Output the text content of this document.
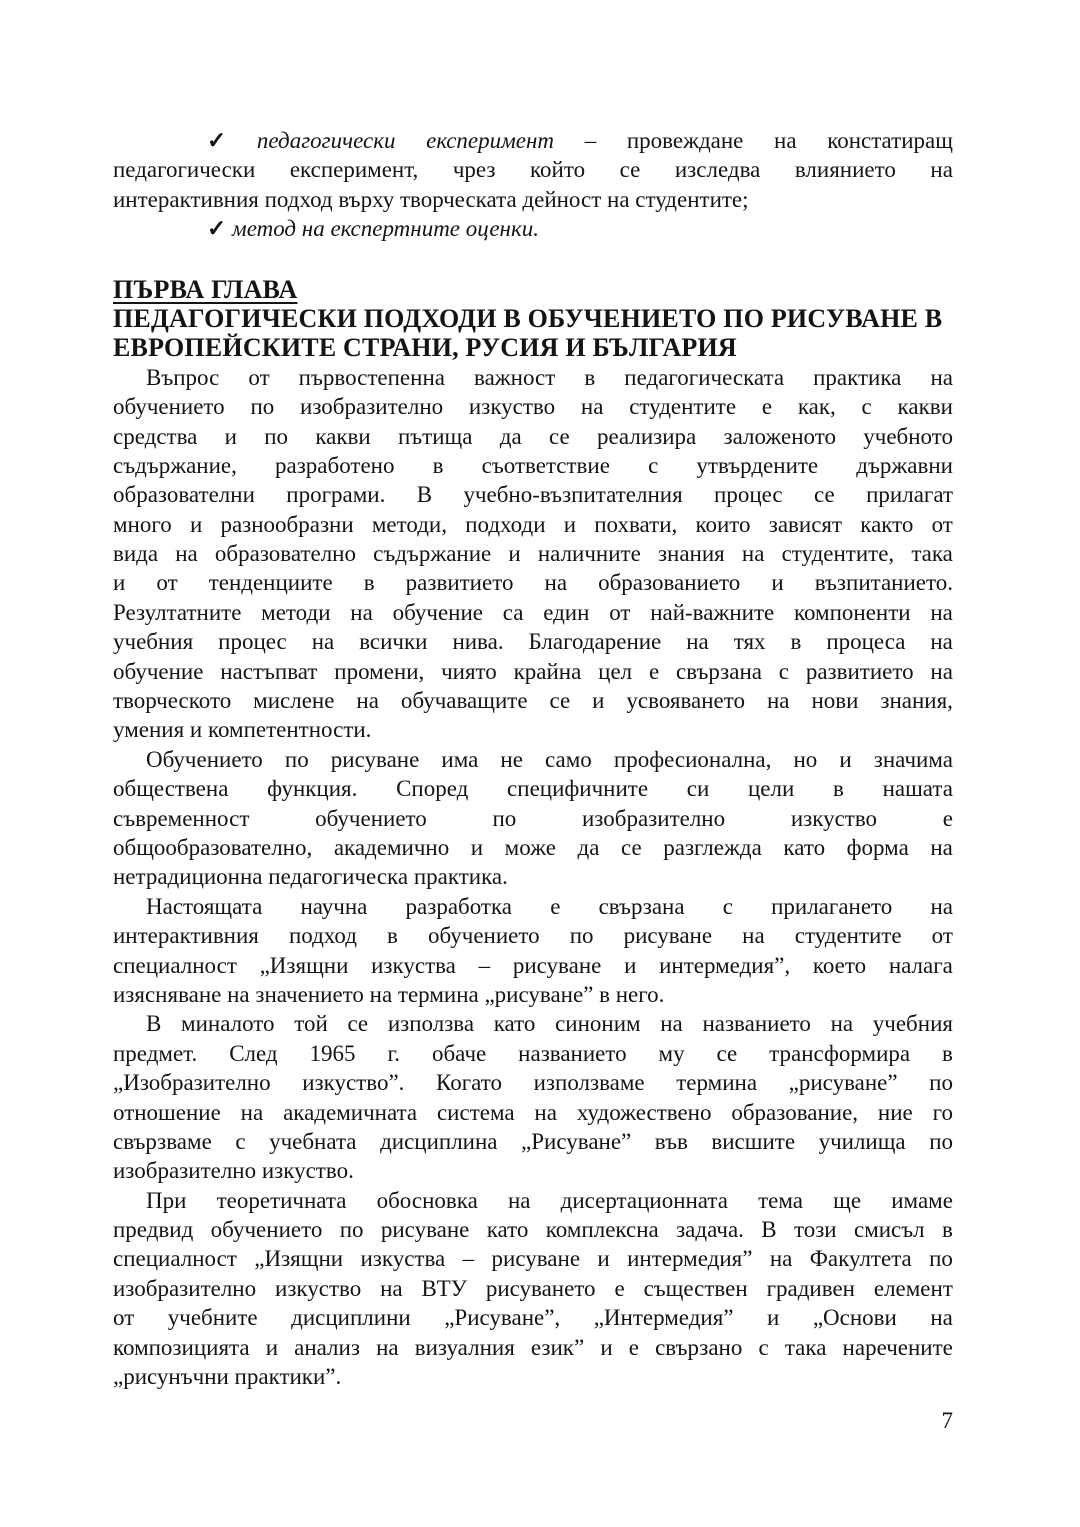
✓ педагогически експеримент – провеждане на констатиращ
педагогически експеримент, чрез който се изследва влиянието на
интерактивния подход върху творческата дейност на студентите;
✓ метод на експертните оценки.
ПЪРВА ГЛАВА
ПЕДАГОГИЧЕСКИ ПОДХОДИ В ОБУЧЕНИЕТО ПО РИСУВАНЕ В
ЕВРОПЕЙСКИТЕ СТРАНИ, РУСИЯ И БЪЛГАРИЯ
Въпрос от първостепенна важност в педагогическата практика на
обучението по изобразително изкуство на студентите е как, с какви
средства и по какви пътища да се реализира заложеното учебното
съдържание, разработено в съответствие с утвърдените държавни
образователни програми. В учебно-възпитателния процес се прилагат
много и разнообразни методи, подходи и похвати, които зависят както от
вида на образователно съдържание и наличните знания на студентите, така
и от тенденциите в развитието на образованието и възпитанието.
Резултатните методи на обучение са един от най-важните компоненти на
учебния процес на всички нива. Благодарение на тях в процеса на
обучение настъпват промени, чиято крайна цел е свързана с развитието на
творческото мислене на обучаващите се и усвояването на нови знания,
умения и компетентности.
Обучението по рисуване има не само професионална, но и значима
обществена функция. Според специфичните си цели в нашата
съвременност	обучението	по	изобразително	изкуство	е
общообразователно, академично и може да се разглежда като форма на
нетрадиционна педагогическа практика.
Настоящата научна разработка е свързана с прилагането на
интерактивния подход в обучението по рисуване на студентите от
специалност „Изящни изкуства – рисуване и интермедия”, което налага
изясняване на значението на термина „рисуване” в него.
В миналото той се използва като синоним на названието на учебния
предмет. След 1965 г. обаче названието му се трансформира в
„Изобразително изкуство”. Когато използваме термина „рисуване” по
отношение на академичната система на художествено образование, ние го
свързваме с учебната дисциплина „Рисуване” във висшите училища по
изобразително изкуство.
При теоретичната обосновка на дисертационната тема ще имаме
предвид обучението по рисуване като комплексна задача. В този смисъл в
специалност „Изящни изкуства – рисуване и интермедия” на Факултета по
изобразително изкуство на ВТУ рисуването е съществен градивен елемент
от учебните дисциплини „Рисуване”, „Интермедия” и „Основи на
композицията и анализ на визуалния език” и е свързано с така наречените
„рисунъчни практики”.
7
